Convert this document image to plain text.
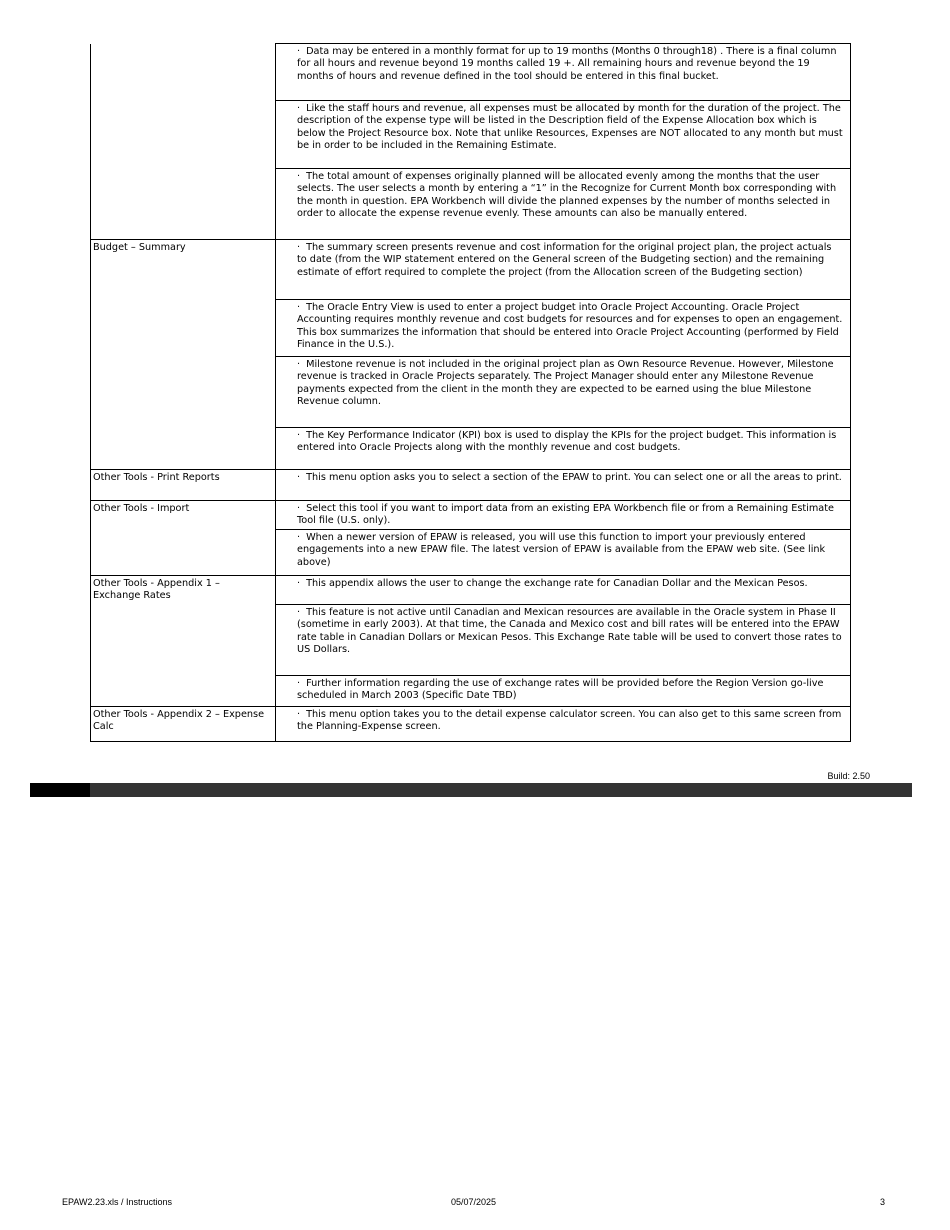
	· Data may be entered in a monthly format for up to 19 months (Months 0 through18) . There is a final column for all hours and revenue beyond 19 months called 19 +. All remaining hours and revenue beyond the 19 months of hours and revenue defined in the tool should be entered in this final bucket.
	· Like the staff hours and revenue, all expenses must be allocated by month for the duration of the project. The description of the expense type will be listed in the Description field of the Expense Allocation box which is below the Project Resource box. Note that unlike Resources, Expenses are NOT allocated to any month but must be in order to be included in the Remaining Estimate.
	· The total amount of expenses originally planned will be allocated evenly among the months that the user selects. The user selects a month by entering a “1” in the Recognize for Current Month box corresponding with the month in question. EPA Workbench will divide the planned expenses by the number of months selected in order to allocate the expense revenue evenly. These amounts can also be manually entered.
Budget – Summary	· The summary screen presents revenue and cost information for the original project plan, the project actuals to date (from the WIP statement entered on the General screen of the Budgeting section) and the remaining estimate of effort required to complete the project (from the Allocation screen of the Budgeting section)
	· The Oracle Entry View is used to enter a project budget into Oracle Project Accounting. Oracle Project Accounting requires monthly revenue and cost budgets for resources and for expenses to open an engagement. This box summarizes the information that should be entered into Oracle Project Accounting (performed by Field Finance in the U.S.).
	· Milestone revenue is not included in the original project plan as Own Resource Revenue. However, Milestone revenue is tracked in Oracle Projects separately. The Project Manager should enter any Milestone Revenue payments expected from the client in the month they are expected to be earned using the blue Milestone Revenue column.
	· The Key Performance Indicator (KPI) box is used to display the KPIs for the project budget. This information is entered into Oracle Projects along with the monthly revenue and cost budgets.
Other Tools - Print Reports	· This menu option asks you to select a section of the EPAW to print. You can select one or all the areas to print.
Other Tools - Import	· Select this tool if you want to import data from an existing EPA Workbench file or from a Remaining Estimate Tool file (U.S. only).
	· When a newer version of EPAW is released, you will use this function to import your previously entered engagements into a new EPAW file. The latest version of EPAW is available from the EPAW web site. (See link above)
Other Tools - Appendix 1 – Exchange Rates	· This appendix allows the user to change the exchange rate for Canadian Dollar and the Mexican Pesos.
	· This feature is not active until Canadian and Mexican resources are available in the Oracle system in Phase II (sometime in early 2003). At that time, the Canada and Mexico cost and bill rates will be entered into the EPAW rate table in Canadian Dollars or Mexican Pesos. This Exchange Rate table will be used to convert those rates to US Dollars.
	· Further information regarding the use of exchange rates will be provided before the Region Version go-live scheduled in March 2003 (Specific Date TBD)
Other Tools - Appendix 2 – Expense Calc	· This menu option takes you to the detail expense calculator screen. You can also get to this same screen from the Planning-Expense screen.
Build: 2.50
EPAW2.23.xls / Instructions	05/07/2025	3
